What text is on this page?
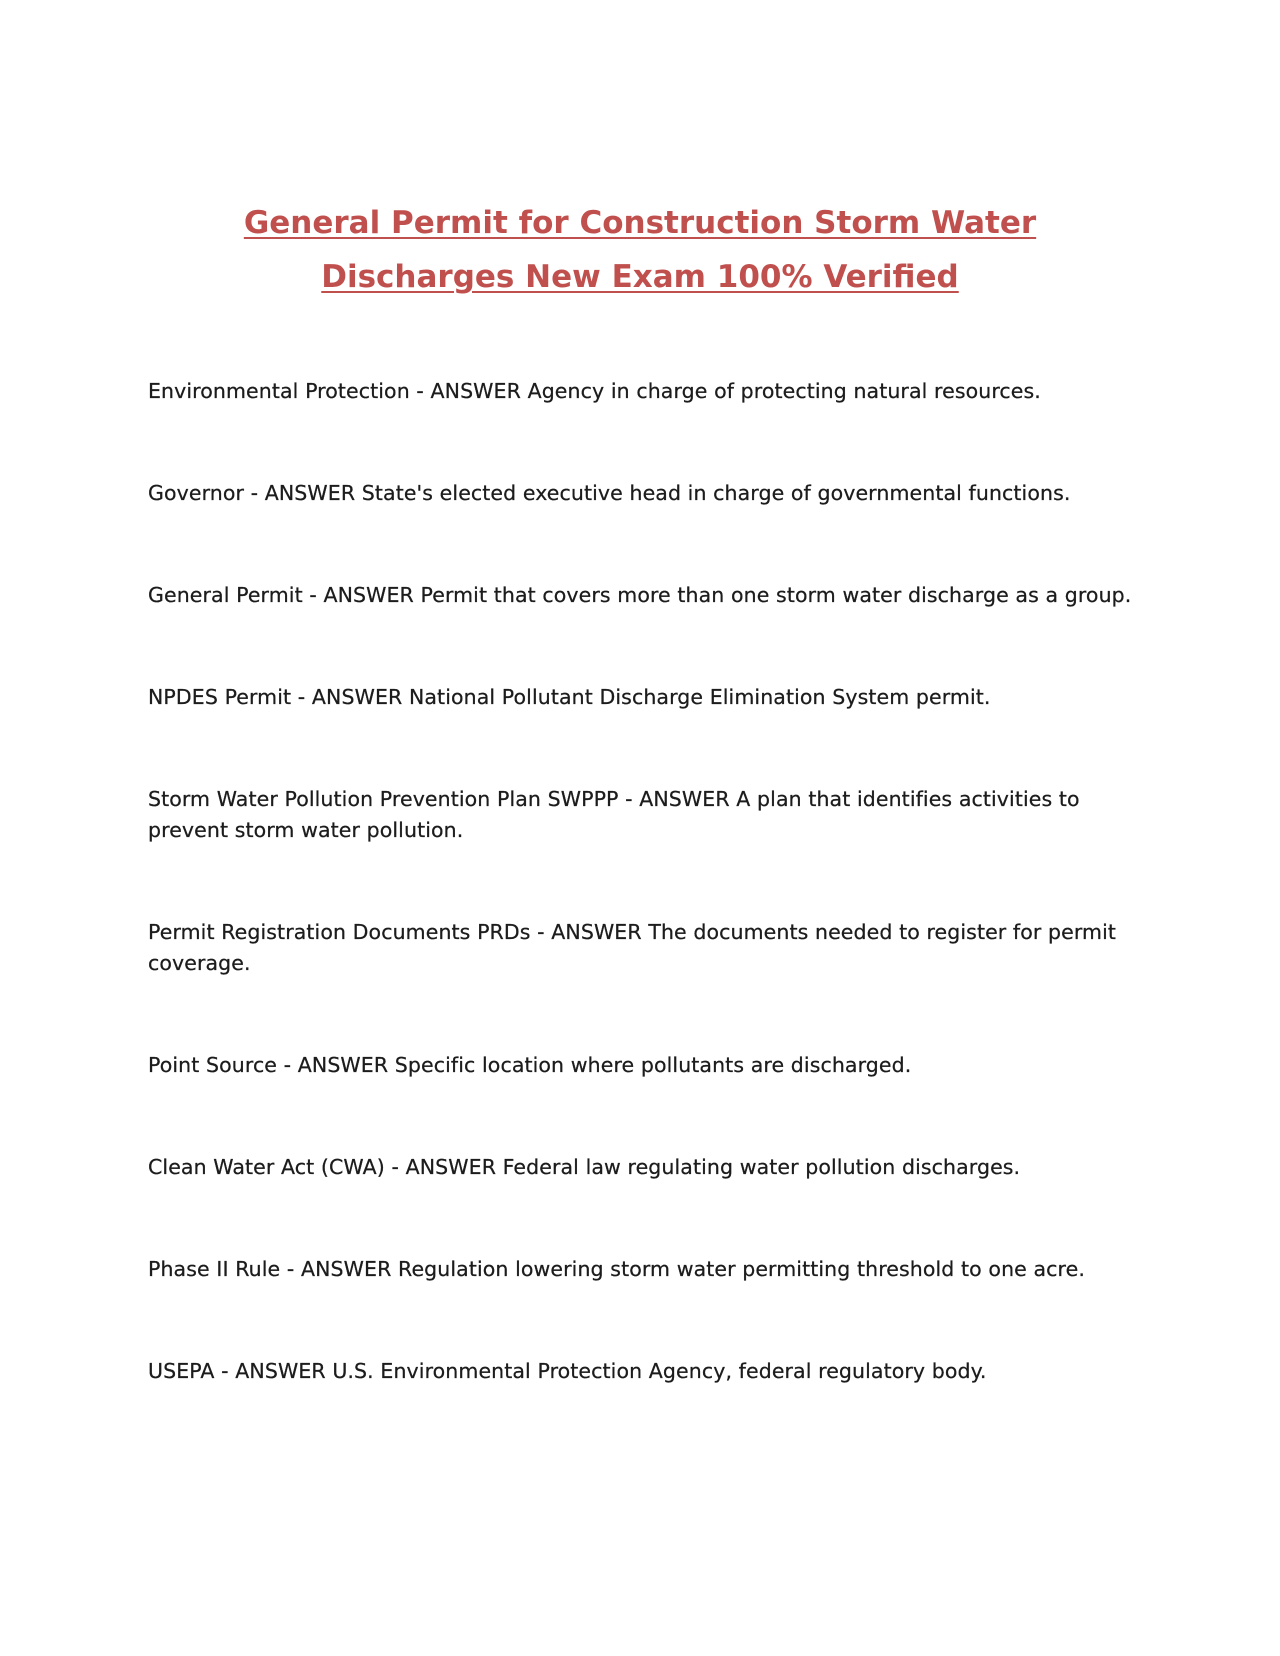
General Permit for Construction Storm Water
Discharges New Exam 100% Verified

Environmental Protection - ANSWER Agency in charge of protecting natural resources.

Governor - ANSWER State's elected executive head in charge of governmental functions.

General Permit - ANSWER Permit that covers more than one storm water discharge as a group.

NPDES Permit - ANSWER National Pollutant Discharge Elimination System permit.

Storm Water Pollution Prevention Plan SWPPP - ANSWER A plan that identifies activities to prevent storm water pollution.

Permit Registration Documents PRDs - ANSWER The documents needed to register for permit coverage.

Point Source - ANSWER Specific location where pollutants are discharged.

Clean Water Act (CWA) - ANSWER Federal law regulating water pollution discharges.

Phase II Rule - ANSWER Regulation lowering storm water permitting threshold to one acre.

USEPA - ANSWER U.S. Environmental Protection Agency, federal regulatory body.
